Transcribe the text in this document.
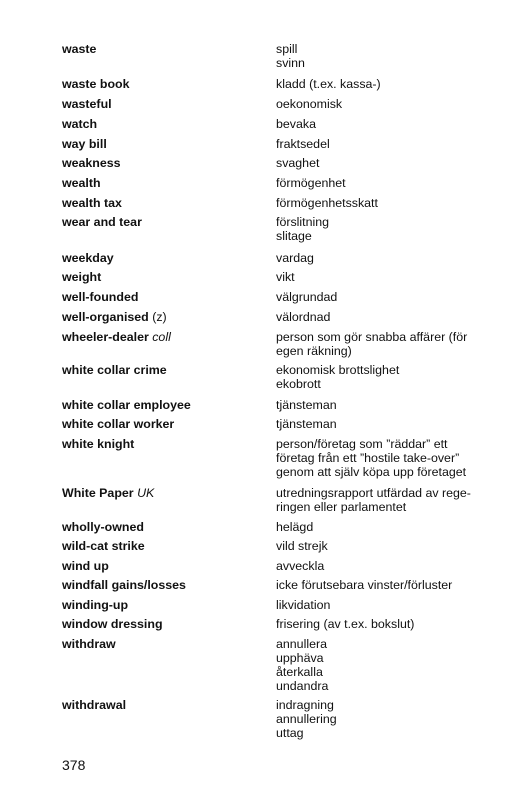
waste	spill
svinn
waste book	kladd (t.ex. kassa-)
wasteful	oekonomisk
watch	bevaka
way bill	fraktsedel
weakness	svaghet
wealth	förmögenhet
wealth tax	förmögenhetsskatt
wear and tear	förslitning
slitage
weekday	vardag
weight	vikt
well-founded	välgrundad
well-organised (z)	välordnad
wheeler-dealer coll	person som gör snabba affärer (för
egen räkning)
white collar crime	ekonomisk brottslighet
ekobrott
white collar employee	tjänsteman
white collar worker	tjänsteman
white knight	person/företag som ”räddar” ett
företag från ett ”hostile take-over”
genom att själv köpa upp företaget
White Paper UK	utredningsrapport utfärdad av rege-
ringen eller parlamentet
wholly-owned	helägd
wild-cat strike	vild strejk
wind up	avveckla
windfall gains/losses	icke förutsebara vinster/förluster
winding-up	likvidation
window dressing	frisering (av t.ex. bokslut)
withdraw	annullera
upphäva
återkalla
undandra
withdrawal	indragning
annullering
uttag
378
